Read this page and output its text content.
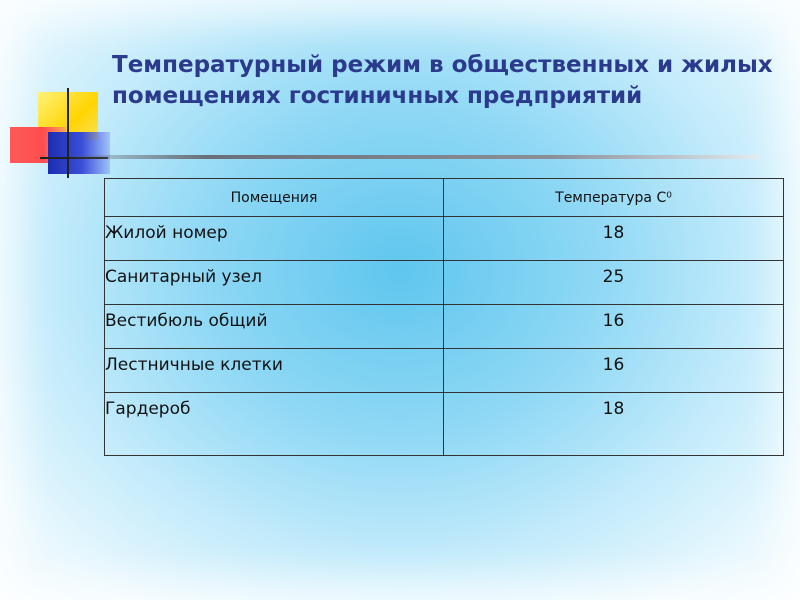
Температурный режим в общественных и жилых помещениях гостиничных предприятий
Помещения	Температура С⁰
Жилой номер	18
Санитарный узел	25
Вестибюль общий	16
Лестничные клетки	16
Гардероб	18
